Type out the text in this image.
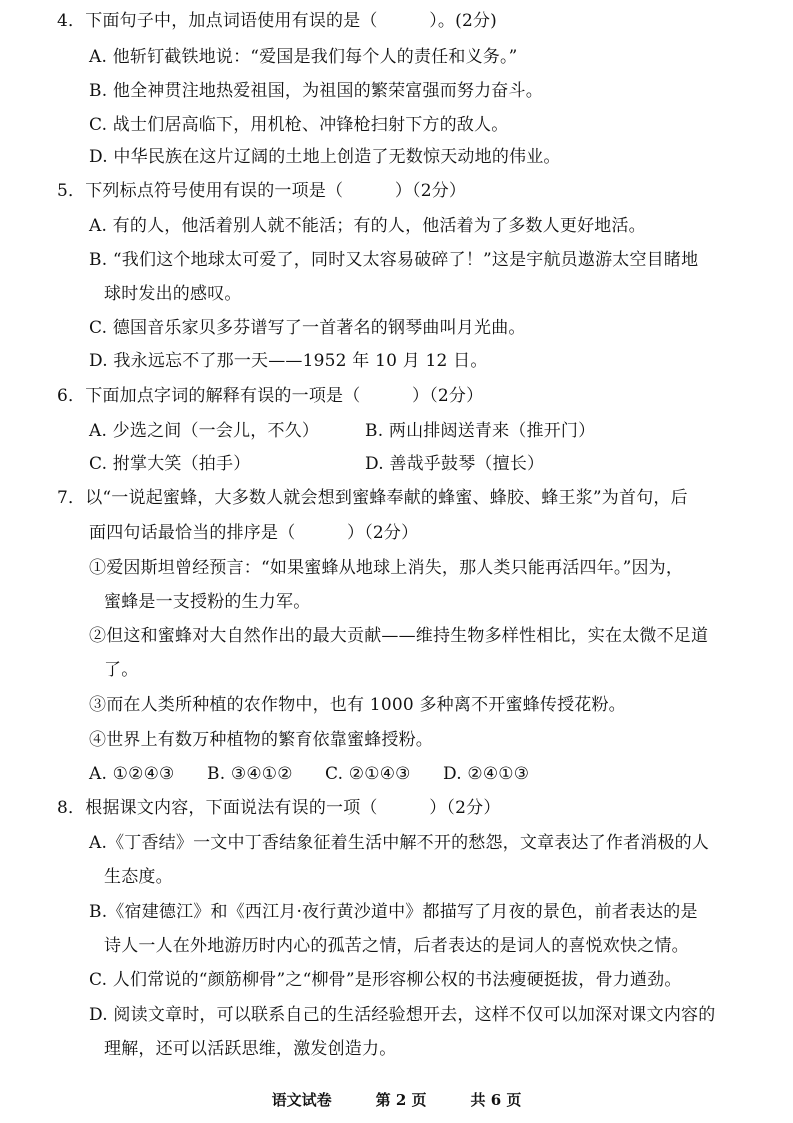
4．下面句子中，加点词语使用有误的是（　　　）。(2分)
A. 他斩钉截铁地说：“爱国是我们每个人的责任和义务。”
B. 他全神贯注地热爱祖国，为祖国的繁荣富强而努力奋斗。
C. 战士们居高临下，用机枪、冲锋枪扫射下方的敌人。
D. 中华民族在这片辽阔的土地上创造了无数惊天动地的伟业。
5．下列标点符号使用有误的一项是（　　　）（2分）
A. 有的人，他活着别人就不能活；有的人，他活着为了多数人更好地活。
B. “我们这个地球太可爱了，同时又太容易破碎了！”这是宇航员遨游太空目睹地
球时发出的感叹。
C. 德国音乐家贝多芬谱写了一首著名的钢琴曲叫月光曲。
D. 我永远忘不了那一天——1952 年 10 月 12 日。
6．下面加点字词的解释有误的一项是（　　　）（2分）
A. 少选之间（一会儿，不久）	B. 两山排闼送青来（推开门）
C. 拊掌大笑（拍手）	D. 善哉乎鼓琴（擅长）
7．以“一说起蜜蜂，大多数人就会想到蜜蜂奉献的蜂蜜、蜂胶、蜂王浆”为首句，后
面四句话最恰当的排序是（　　　）（2分）
①爱因斯坦曾经预言：“如果蜜蜂从地球上消失，那人类只能再活四年。”因为，
蜜蜂是一支授粉的生力军。
②但这和蜜蜂对大自然作出的最大贡献——维持生物多样性相比，实在太微不足道
了。
③而在人类所种植的农作物中，也有 1000 多种离不开蜜蜂传授花粉。
④世界上有数万种植物的繁育依靠蜜蜂授粉。
A. ①②④③	B. ③④①②	C. ②①④③	D. ②④①③
8．根据课文内容，下面说法有误的一项（　　　）（2分）
A.《丁香结》一文中丁香结象征着生活中解不开的愁怨，文章表达了作者消极的人
生态度。
B.《宿建德江》和《西江月·夜行黄沙道中》都描写了月夜的景色，前者表达的是
诗人一人在外地游历时内心的孤苦之情，后者表达的是词人的喜悦欢快之情。
C. 人们常说的“颜筋柳骨”之“柳骨”是形容柳公权的书法瘦硬挺拔，骨力遒劲。
D. 阅读文章时，可以联系自己的生活经验想开去，这样不仅可以加深对课文内容的
理解，还可以活跃思维，激发创造力。
语文试卷	第 2 页	共 6 页
